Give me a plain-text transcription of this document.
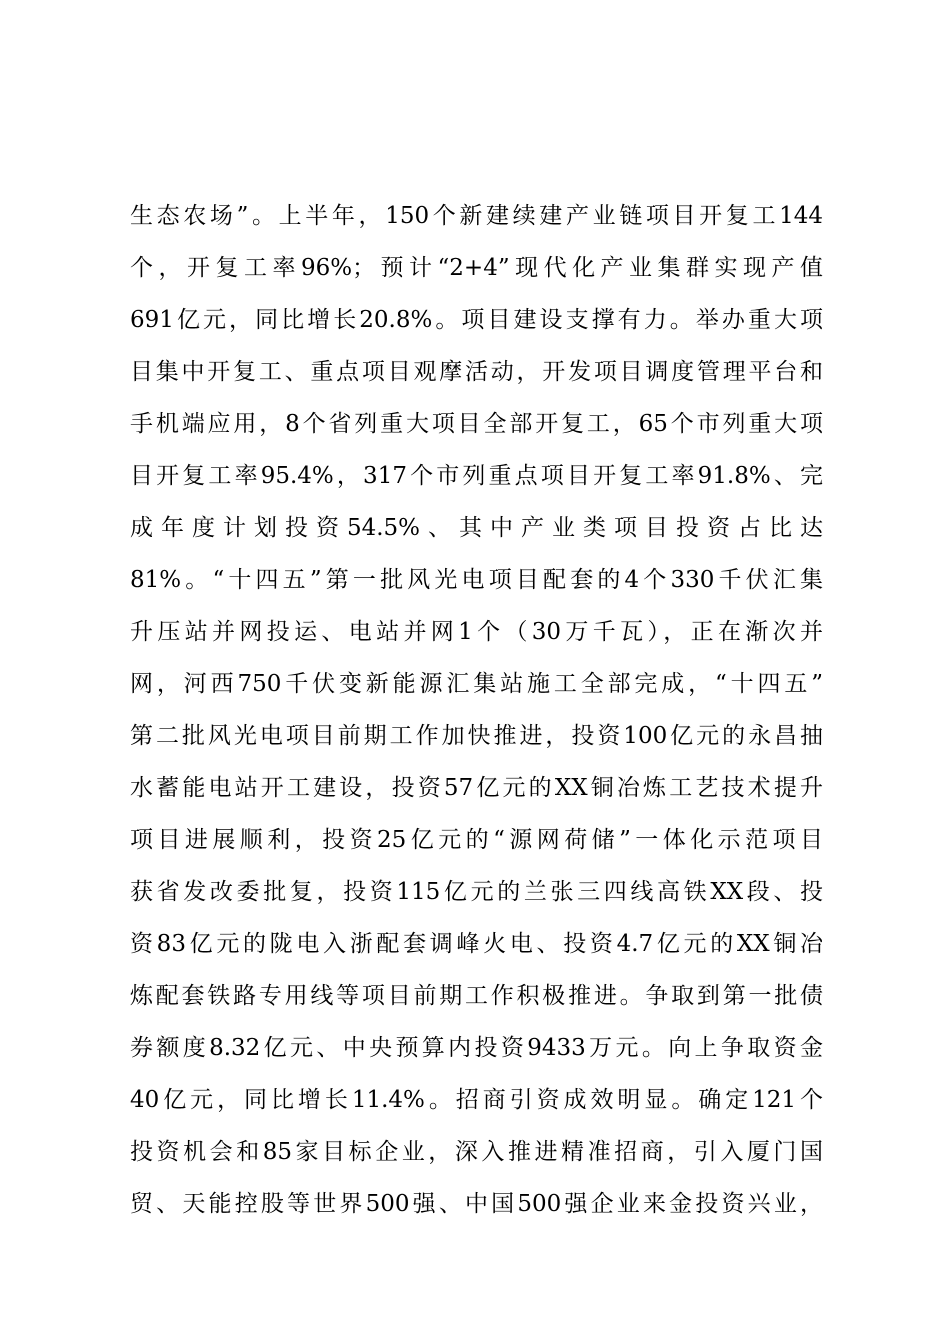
生态农场”。上半年，150个新建续建产业链项目开复工144
个，开复工率96%；预计“2+4”现代化产业集群实现产值
691亿元，同比增长20.8%。项目建设支撑有力。举办重大项
目集中开复工、重点项目观摩活动，开发项目调度管理平台和
手机端应用，8个省列重大项目全部开复工，65个市列重大项
目开复工率95.4%，317个市列重点项目开复工率91.8%、完
成年度计划投资54.5%、其中产业类项目投资占比达
81%。“十四五”第一批风光电项目配套的4个330千伏汇集
升压站并网投运、电站并网1个（30万千瓦），正在渐次并
网，河西750千伏变新能源汇集站施工全部完成，“十四五”
第二批风光电项目前期工作加快推进，投资100亿元的永昌抽
水蓄能电站开工建设，投资57亿元的XX铜冶炼工艺技术提升
项目进展顺利，投资25亿元的“源网荷储”一体化示范项目
获省发改委批复，投资115亿元的兰张三四线高铁XX段、投
资83亿元的陇电入浙配套调峰火电、投资4.7亿元的XX铜冶
炼配套铁路专用线等项目前期工作积极推进。争取到第一批债
券额度8.32亿元、中央预算内投资9433万元。向上争取资金
40亿元，同比增长11.4%。招商引资成效明显。确定121个
投资机会和85家目标企业，深入推进精准招商，引入厦门国
贸、天能控股等世界500强、中国500强企业来金投资兴业，
